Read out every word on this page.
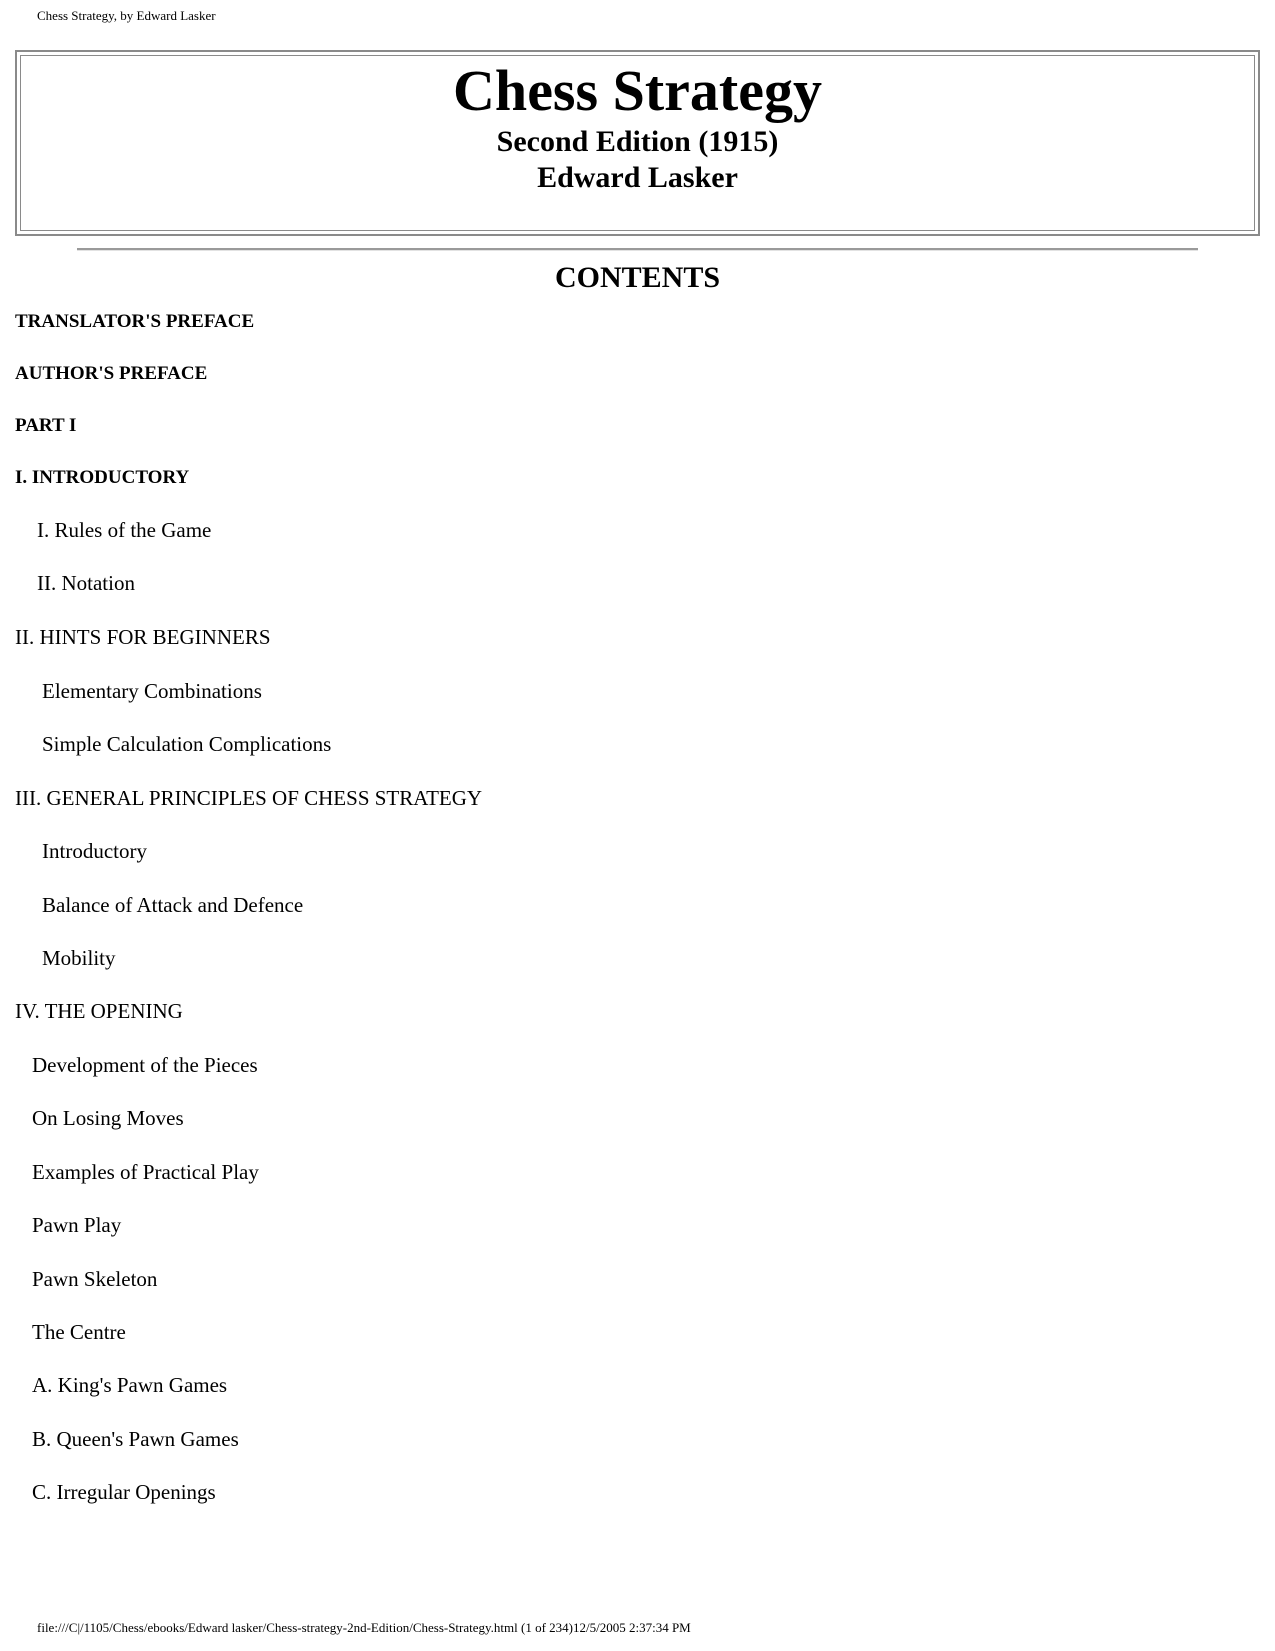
Chess Strategy, by Edward Lasker
Chess Strategy
Second Edition (1915)
Edward Lasker
CONTENTS
TRANSLATOR'S PREFACE
AUTHOR'S PREFACE
PART I
I. INTRODUCTORY
I. Rules of the Game
II. Notation
II. HINTS FOR BEGINNERS
Elementary Combinations
Simple Calculation Complications
III. GENERAL PRINCIPLES OF CHESS STRATEGY
Introductory
Balance of Attack and Defence
Mobility
IV. THE OPENING
Development of the Pieces
On Losing Moves
Examples of Practical Play
Pawn Play
Pawn Skeleton
The Centre
A. King's Pawn Games
B. Queen's Pawn Games
C. Irregular Openings
file:///C|/1105/Chess/ebooks/Edward lasker/Chess-strategy-2nd-Edition/Chess-Strategy.html (1 of 234)12/5/2005 2:37:34 PM
